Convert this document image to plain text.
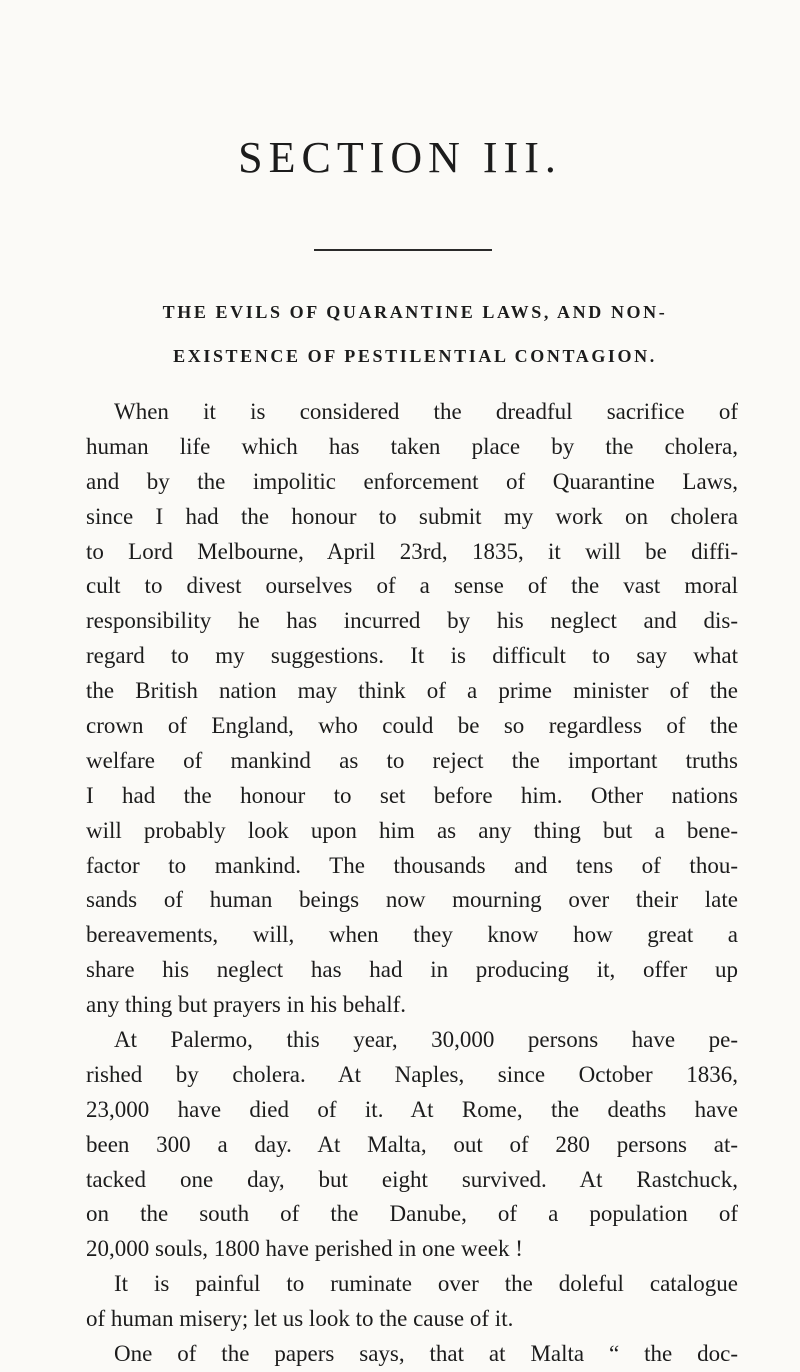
SECTION III.
THE EVILS OF QUARANTINE LAWS, AND NON-
EXISTENCE OF PESTILENTIAL CONTAGION.
When it is considered the dreadful sacrifice of
human life which has taken place by the cholera,
and by the impolitic enforcement of Quarantine Laws,
since I had the honour to submit my work on cholera
to Lord Melbourne, April 23rd, 1835, it will be diffi-
cult to divest ourselves of a sense of the vast moral
responsibility he has incurred by his neglect and dis-
regard to my suggestions. It is difficult to say what
the British nation may think of a prime minister of the
crown of England, who could be so regardless of the
welfare of mankind as to reject the important truths
I had the honour to set before him. Other nations
will probably look upon him as any thing but a bene-
factor to mankind. The thousands and tens of thou-
sands of human beings now mourning over their late
bereavements, will, when they know how great a
share his neglect has had in producing it, offer up
any thing but prayers in his behalf.
At Palermo, this year, 30,000 persons have pe-
rished by cholera. At Naples, since October 1836,
23,000 have died of it. At Rome, the deaths have
been 300 a day. At Malta, out of 280 persons at-
tacked one day, but eight survived. At Rastchuck,
on the south of the Danube, of a population of
20,000 souls, 1800 have perished in one week !
It is painful to ruminate over the doleful catalogue
of human misery; let us look to the cause of it.
One of the papers says, that at Malta “ the doc-
